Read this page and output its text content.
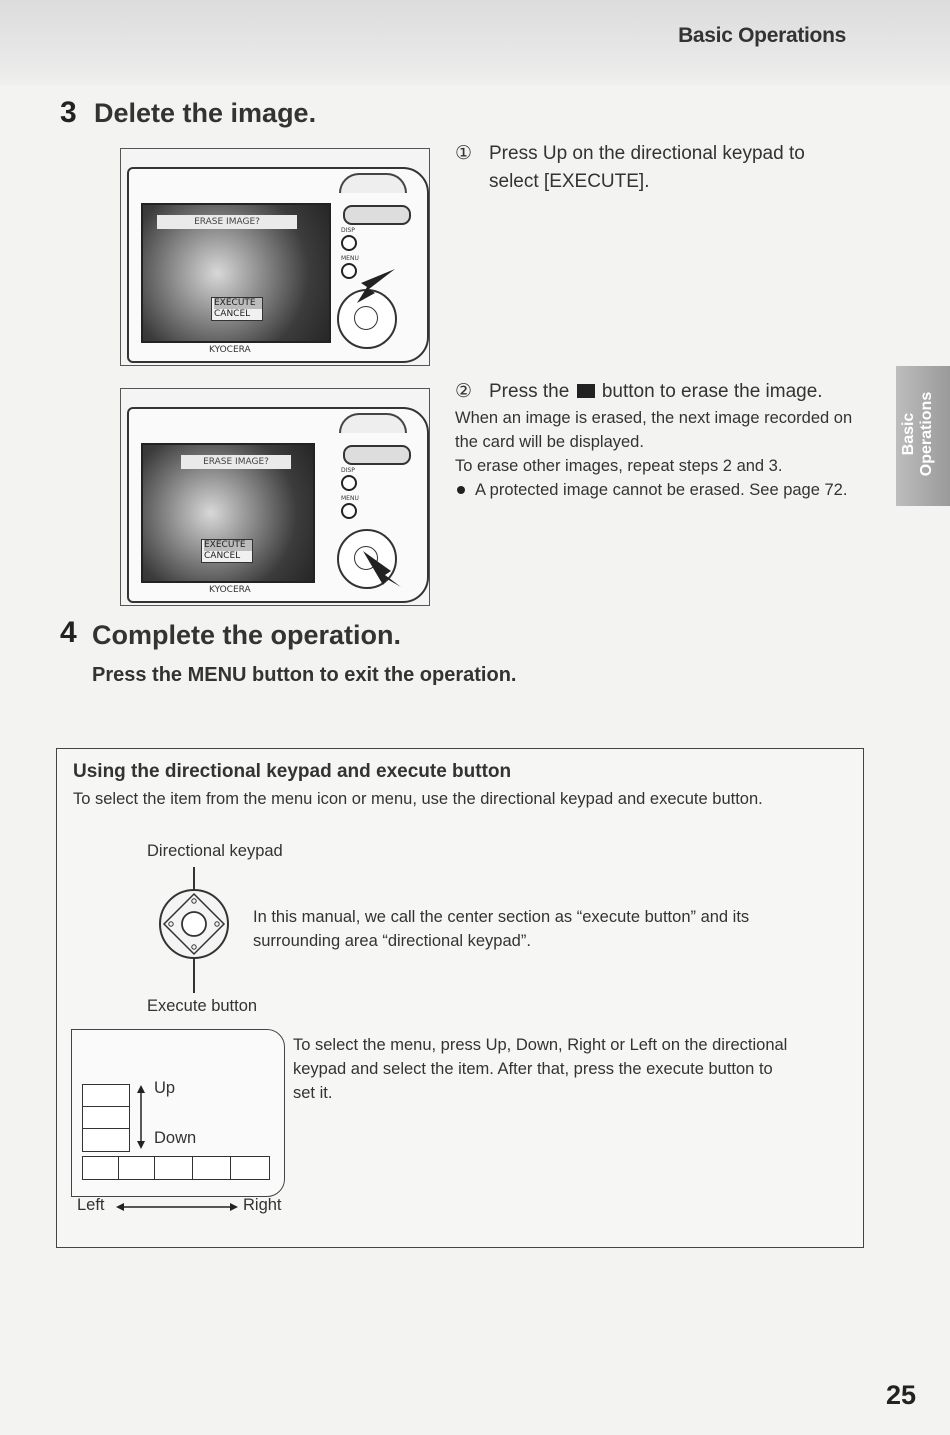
Basic Operations
Basic
Operations
3 Delete the image.
ERASE IMAGE?
EXECUTE
CANCEL
KYOCERA
DISP
MENU
① Press Up on the directional keypad to select [EXECUTE].
ERASE IMAGE?
EXECUTE
CANCEL
KYOCERA
DISP
MENU
② Press the button to erase the image.
When an image is erased, the next image recorded on the card will be displayed.
To erase other images, repeat steps 2 and 3.
A protected image cannot be erased. See page 72.
4 Complete the operation.
Press the MENU button to exit the operation.
Using the directional keypad and execute button
To select the item from the menu icon or menu, use the directional keypad and execute button.
Directional keypad
In this manual, we call the center section as “execute button” and its surrounding area “directional keypad”.
Execute button
Up
Down
Left	Right
To select the menu, press Up, Down, Right or Left on the directional keypad and select the item. After that, press the execute button to set it.
25
